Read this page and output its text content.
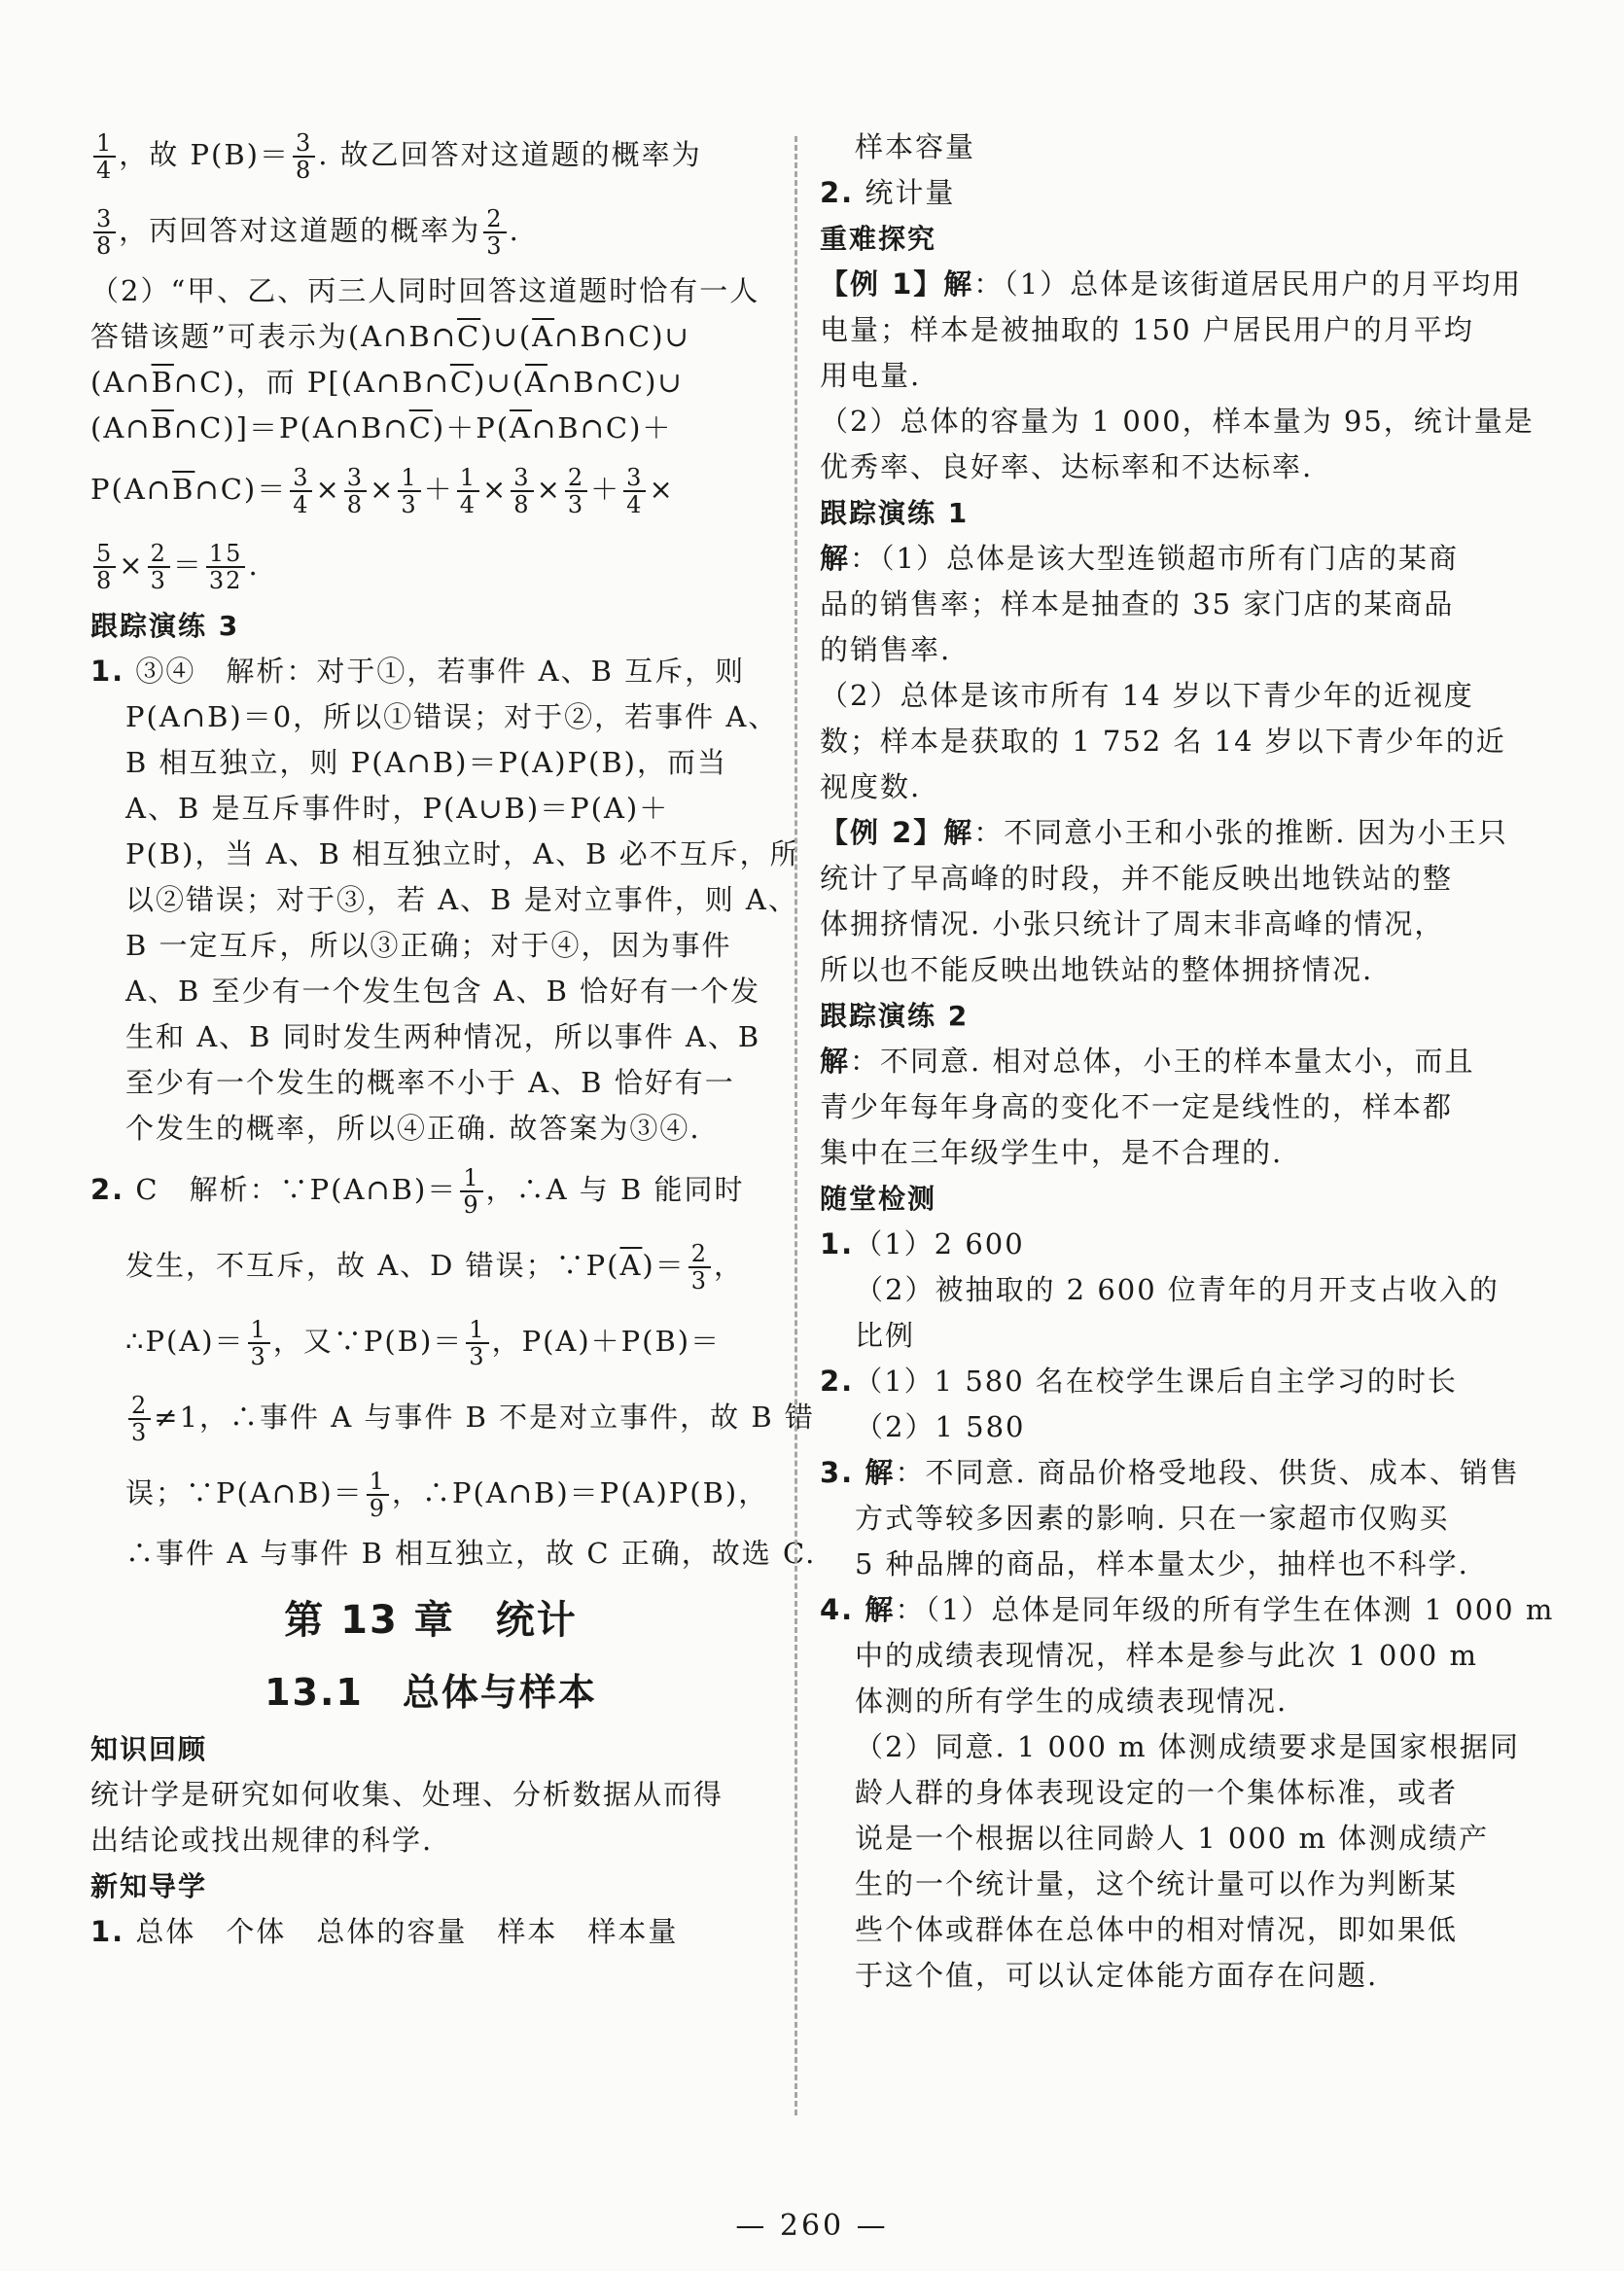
$\frac{1}{4}$ ，故 $P(B)= \frac{3}{8}$ . 故乙回答对这道题的概率为
$\frac{3}{8}$ ，丙回答对这道题的概率为 $\frac{2}{3}$ .
（2）“甲、乙、丙三人同时回答这道题时恰有一人
答错该题”可表示为$(A\cap B\cap\overline{C})\cup(\overline{A}\cap B\cap C)\cup$
$(A\cap\overline{B}\cap C)$，而 $P[(A\cap B\cap\overline{C})\cup(\overline{A}\cap B\cap C)\cup$
$(A\cap\overline{B}\cap C)]=P(A\cap B\cap\overline{C})+P(\overline{A}\cap B\cap C)+$
$P(A\cap\overline{B}\cap C)= \frac{3}{4} \times \frac{3}{8} \times \frac{1}{3} + \frac{1}{4} \times \frac{3}{8} \times \frac{2}{3} + \frac{3}{4}$ ×
$\frac{5}{8} \times \frac{2}{3} = \frac{15}{32}$ .
跟踪演练 3
1. ③④　解析：对于①，若事件 A、B 互斥，则
P(A∩B)＝0，所以①错误；对于②，若事件 A、
B 相互独立，则 P(A∩B)＝P(A)P(B)，而当
A、B 是互斥事件时，P(A∪B)＝P(A)＋
P(B)，当 A、B 相互独立时，A、B 必不互斥，所
以②错误；对于③，若 A、B 是对立事件，则 A、
B 一定互斥，所以③正确；对于④，因为事件
A、B 至少有一个发生包含 A、B 恰好有一个发
生和 A、B 同时发生两种情况，所以事件 A、B
至少有一个发生的概率不小于 A、B 恰好有一
个发生的概率，所以④正确. 故答案为③④.
2. C　解析：∵P(A∩B)＝ $\frac{1}{9}$ ，∴A 与 B 能同时
发生，不互斥，故 A、D 错误；$\because P(\overline{A})= \frac{2}{3}$ ，
∴P(A)＝ $\frac{1}{3}$ ，又∵P(B)＝ $\frac{1}{3}$ ，P(A)＋P(B)＝
$\frac{2}{3} \ne 1$，∴事件 A 与事件 B 不是对立事件，故 B 错
误；∵P(A∩B)＝ $\frac{1}{9}$ ，∴P(A∩B)＝P(A)P(B)，
∴事件 A 与事件 B 相互独立，故 C 正确，故选 C.
第 13 章　统计
13.1　总体与样本
知识回顾
统计学是研究如何收集、处理、分析数据从而得
出结论或找出规律的科学.
新知导学
1. 总体　个体　总体的容量　样本　样本量
样本容量
2. 统计量
重难探究
【例 1】解：（1）总体是该街道居民用户的月平均用
电量；样本是被抽取的 150 户居民用户的月平均
用电量.
（2）总体的容量为 1 000，样本量为 95，统计量是
优秀率、良好率、达标率和不达标率.
跟踪演练 1
解：（1）总体是该大型连锁超市所有门店的某商
品的销售率；样本是抽查的 35 家门店的某商品
的销售率.
（2）总体是该市所有 14 岁以下青少年的近视度
数；样本是获取的 1 752 名 14 岁以下青少年的近
视度数.
【例 2】解：不同意小王和小张的推断. 因为小王只
统计了早高峰的时段，并不能反映出地铁站的整
体拥挤情况. 小张只统计了周末非高峰的情况，
所以也不能反映出地铁站的整体拥挤情况.
跟踪演练 2
解：不同意. 相对总体，小王的样本量太小，而且
青少年每年身高的变化不一定是线性的，样本都
集中在三年级学生中，是不合理的.
随堂检测
1.（1）2 600
（2）被抽取的 2 600 位青年的月开支占收入的
比例
2.（1）1 580 名在校学生课后自主学习的时长
（2）1 580
3. 解：不同意. 商品价格受地段、供货、成本、销售
方式等较多因素的影响. 只在一家超市仅购买
5 种品牌的商品，样本量太少，抽样也不科学.
4. 解：（1）总体是同年级的所有学生在体测 1 000 m
中的成绩表现情况，样本是参与此次 1 000 m
体测的所有学生的成绩表现情况.
（2）同意. 1 000 m 体测成绩要求是国家根据同
龄人群的身体表现设定的一个集体标准，或者
说是一个根据以往同龄人 1 000 m 体测成绩产
生的一个统计量，这个统计量可以作为判断某
些个体或群体在总体中的相对情况，即如果低
于这个值，可以认定体能方面存在问题.
— 260 —
